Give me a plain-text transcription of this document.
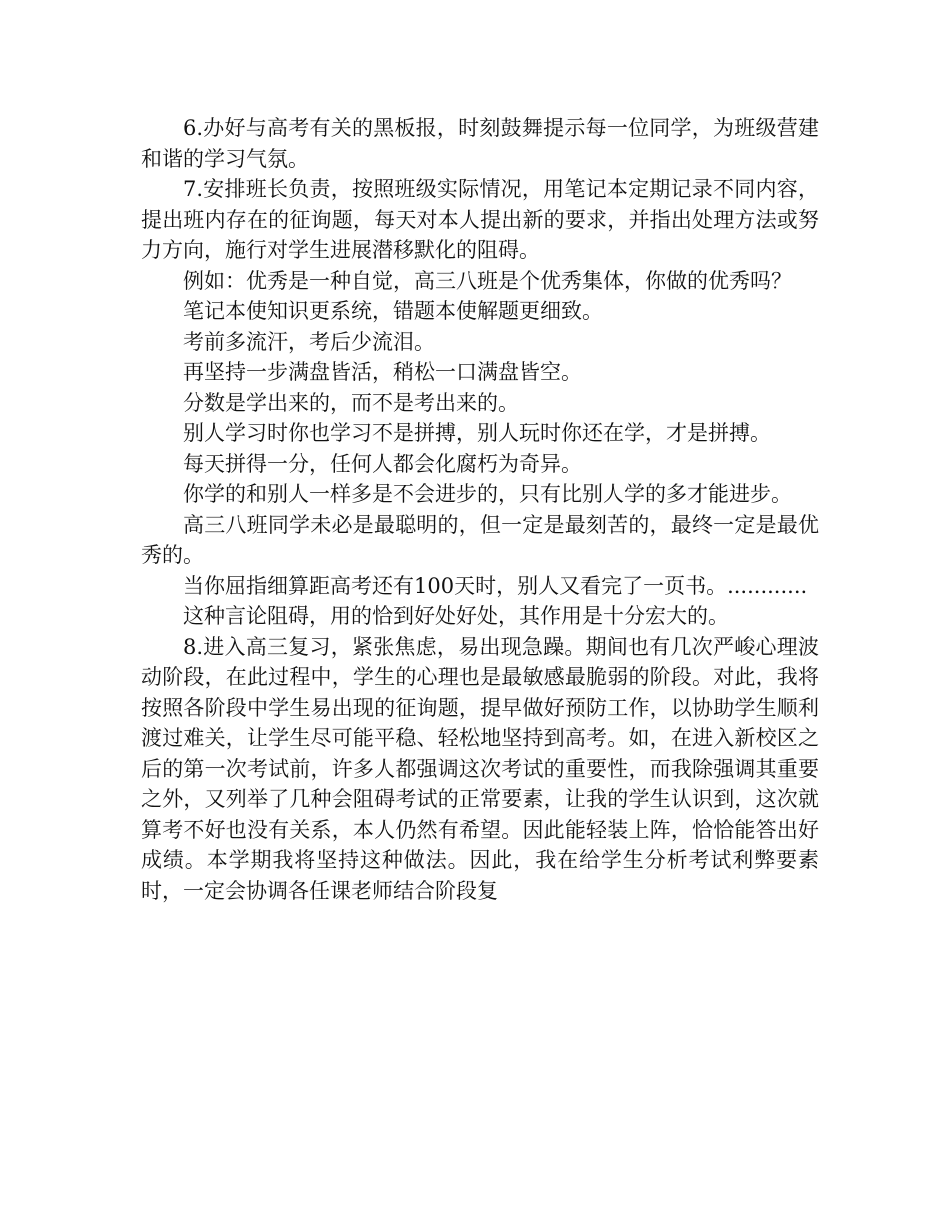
6.办好与高考有关的黑板报，时刻鼓舞提示每一位同学，为班级营建和谐的学习气氛。

7.安排班长负责，按照班级实际情况，用笔记本定期记录不同内容，提出班内存在的征询题，每天对本人提出新的要求，并指出处理方法或努力方向，施行对学生进展潜移默化的阻碍。

例如：优秀是一种自觉，高三八班是个优秀集体，你做的优秀吗？

笔记本使知识更系统，错题本使解题更细致。

考前多流汗，考后少流泪。

再坚持一步满盘皆活，稍松一口满盘皆空。

分数是学出来的，而不是考出来的。

别人学习时你也学习不是拼搏，别人玩时你还在学，才是拼搏。

每天拼得一分，任何人都会化腐朽为奇异。

你学的和别人一样多是不会进步的，只有比别人学的多才能进步。

高三八班同学未必是最聪明的，但一定是最刻苦的，最终一定是最优秀的。

当你屈指细算距高考还有100天时，别人又看完了一页书。............

这种言论阻碍，用的恰到好处好处，其作用是十分宏大的。

8.进入高三复习，紧张焦虑，易出现急躁。期间也有几次严峻心理波动阶段，在此过程中，学生的心理也是最敏感最脆弱的阶段。对此，我将按照各阶段中学生易出现的征询题，提早做好预防工作，以协助学生顺利渡过难关，让学生尽可能平稳、轻松地坚持到高考。如，在进入新校区之后的第一次考试前，许多人都强调这次考试的重要性，而我除强调其重要之外，又列举了几种会阻碍考试的正常要素，让我的学生认识到，这次就算考不好也没有关系，本人仍然有希望。因此能轻装上阵，恰恰能答出好成绩。本学期我将坚持这种做法。因此，我在给学生分析考试利弊要素时，一定会协调各任课老师结合阶段复
